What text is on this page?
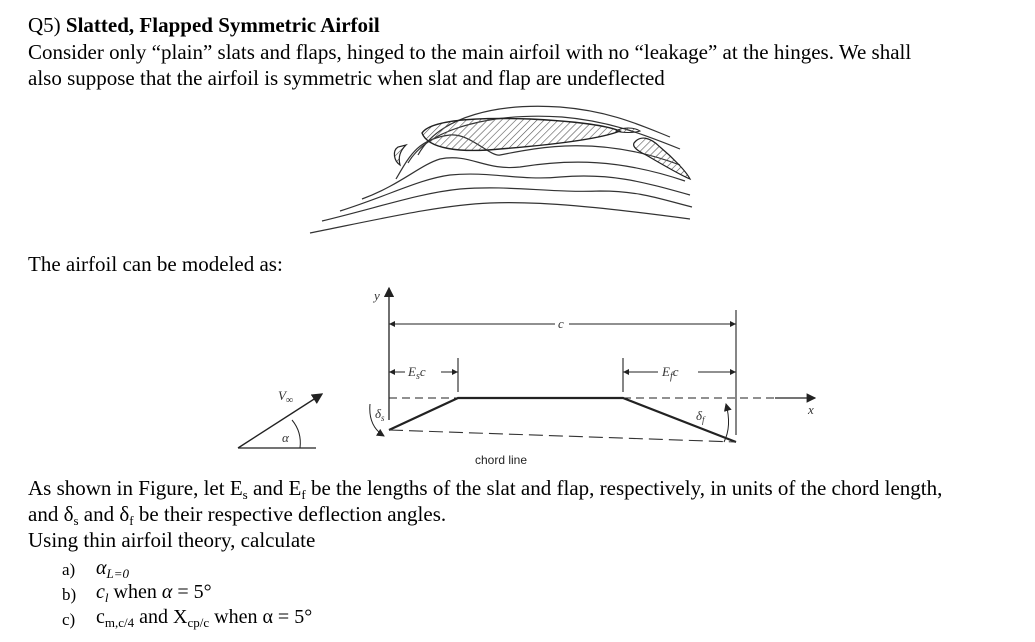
Q5) Slatted, Flapped Symmetric Airfoil
Consider only “plain” slats and flaps, hinged to the main airfoil with no “leakage” at the hinges. We shall
also suppose that the airfoil is symmetric when slat and flap are undeflected
The airfoil can be modeled as:
y
x
c
$E_sc$	$E_fc$
chord line
$\delta_s$	$\delta_f$
$V_\infty$
α
As shown in Figure, let $E_s$ and $E_f$ be the lengths of the slat and flap, respectively, in units of the chord length,
and $\delta_s$ and $\delta_f$ be their respective deflection angles.
Using thin airfoil theory, calculate
a) $\alpha_{L=0}$
b) $c_l$ when α = 5°
c) $c_{m,c/4}$ and $X_{cp/c}$ when α = 5°
